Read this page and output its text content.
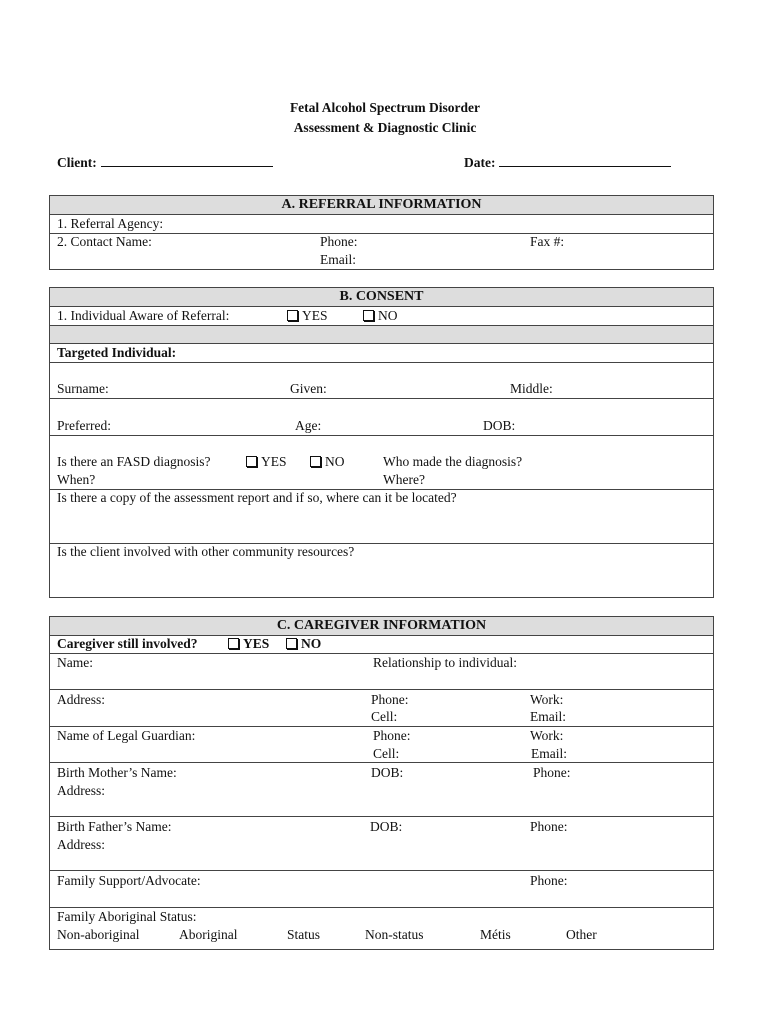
Fetal Alcohol Spectrum Disorder
Assessment & Diagnostic Clinic
Client:	Date:
A. REFERRAL INFORMATION
1. Referral Agency:
2. Contact Name:	Phone:	Fax #:
Email:
B. CONSENT
1. Individual Aware of Referral:	YES	NO
Targeted Individual:
Surname:	Given:	Middle:
Preferred:	Age:	DOB:
Is there an FASD diagnosis?	YES	NO	Who made the diagnosis?
When?	Where?
Is there a copy of the assessment report and if so, where can it be located?
Is the client involved with other community resources?
C. CAREGIVER INFORMATION
Caregiver still involved?	YES	NO
Name:	Relationship to individual:
Address:	Phone:	Work:
Cell:	Email:
Name of Legal Guardian:	Phone:	Work:
Cell:	Email:
Birth Mother’s Name:	DOB:	Phone:
Address:
Birth Father’s Name:	DOB:	Phone:
Address:
Family Support/Advocate:	Phone:
Family Aboriginal Status:
Non-aboriginal	Aboriginal	Status	Non-status	Métis	Other
